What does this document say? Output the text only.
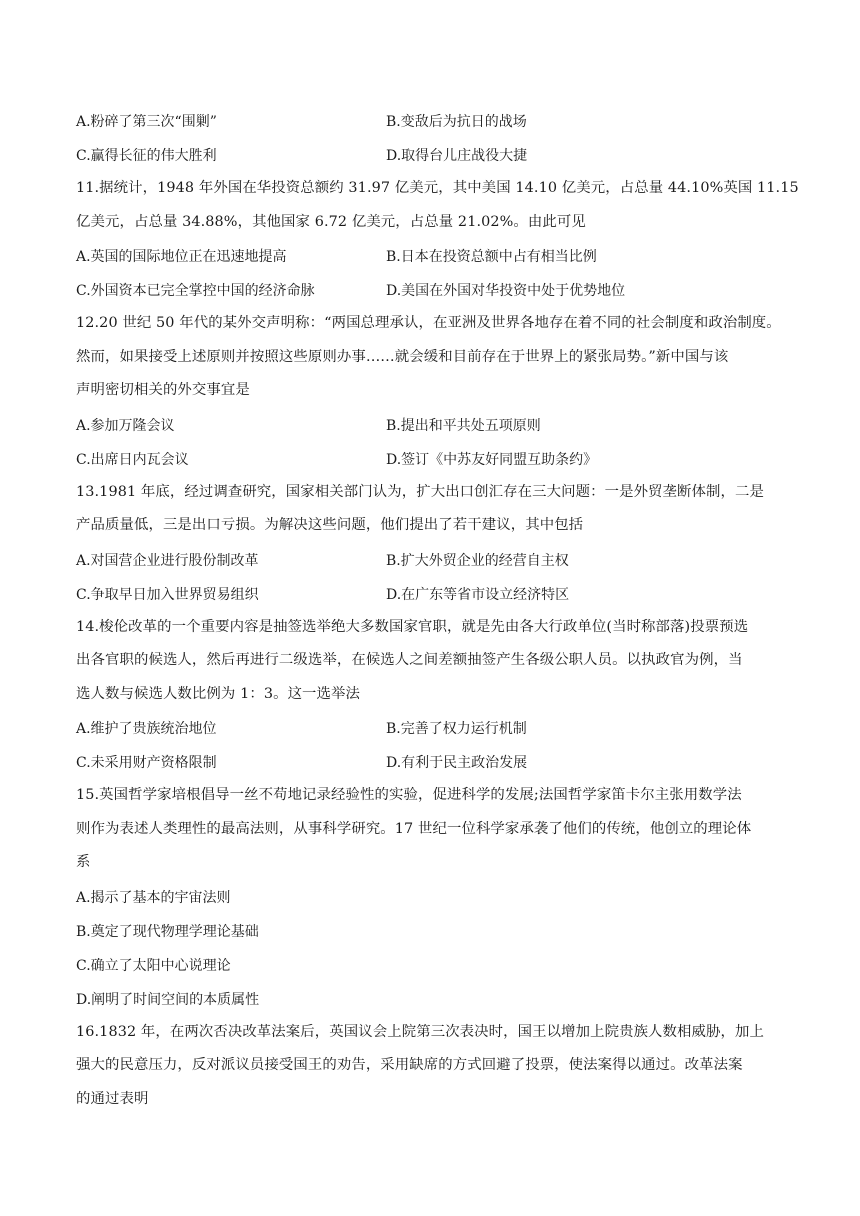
A.粉碎了第三次“围剿”	B.变敌后为抗日的战场
C.赢得长征的伟大胜利	D.取得台儿庄战役大捷

11.据统计，1948 年外国在华投资总额约 31.97 亿美元，其中美国 14.10 亿美元，占总量 44.10%英国 11.15
亿美元，占总量 34.88%，其他国家 6.72 亿美元，占总量 21.02%。由此可见

A.英国的国际地位正在迅速地提高	B.日本在投资总额中占有相当比例
C.外国资本已完全掌控中国的经济命脉	D.美国在外国对华投资中处于优势地位

12.20 世纪 50 年代的某外交声明称：“两国总理承认，在亚洲及世界各地存在着不同的社会制度和政治制度。
然而，如果接受上述原则并按照这些原则办事……就会缓和目前存在于世界上的紧张局势。”新中国与该
声明密切相关的外交事宜是

A.参加万隆会议	B.提出和平共处五项原则
C.出席日内瓦会议	D.签订《中苏友好同盟互助条约》

13.1981 年底，经过调查研究，国家相关部门认为，扩大出口创汇存在三大问题：一是外贸垄断体制，二是
产品质量低，三是出口亏损。为解决这些问题，他们提出了若干建议，其中包括

A.对国营企业进行股份制改革	B.扩大外贸企业的经营自主权
C.争取早日加入世界贸易组织	D.在广东等省市设立经济特区

14.梭伦改革的一个重要内容是抽签选举绝大多数国家官职，就是先由各大行政单位(当时称部落)投票预选
出各官职的候选人，然后再进行二级选举，在候选人之间差额抽签产生各级公职人员。以执政官为例，当
选人数与候选人数比例为 1：3。这一选举法

A.维护了贵族统治地位	B.完善了权力运行机制
C.未采用财产资格限制	D.有利于民主政治发展

15.英国哲学家培根倡导一丝不苟地记录经验性的实验，促进科学的发展;法国哲学家笛卡尔主张用数学法
则作为表述人类理性的最高法则，从事科学研究。17 世纪一位科学家承袭了他们的传统，他创立的理论体
系

A.揭示了基本的宇宙法则
B.奠定了现代物理学理论基础
C.确立了太阳中心说理论
D.阐明了时间空间的本质属性

16.1832 年，在两次否决改革法案后，英国议会上院第三次表决时，国王以增加上院贵族人数相威胁，加上
强大的民意压力，反对派议员接受国王的劝告，采用缺席的方式回避了投票，使法案得以通过。改革法案
的通过表明
